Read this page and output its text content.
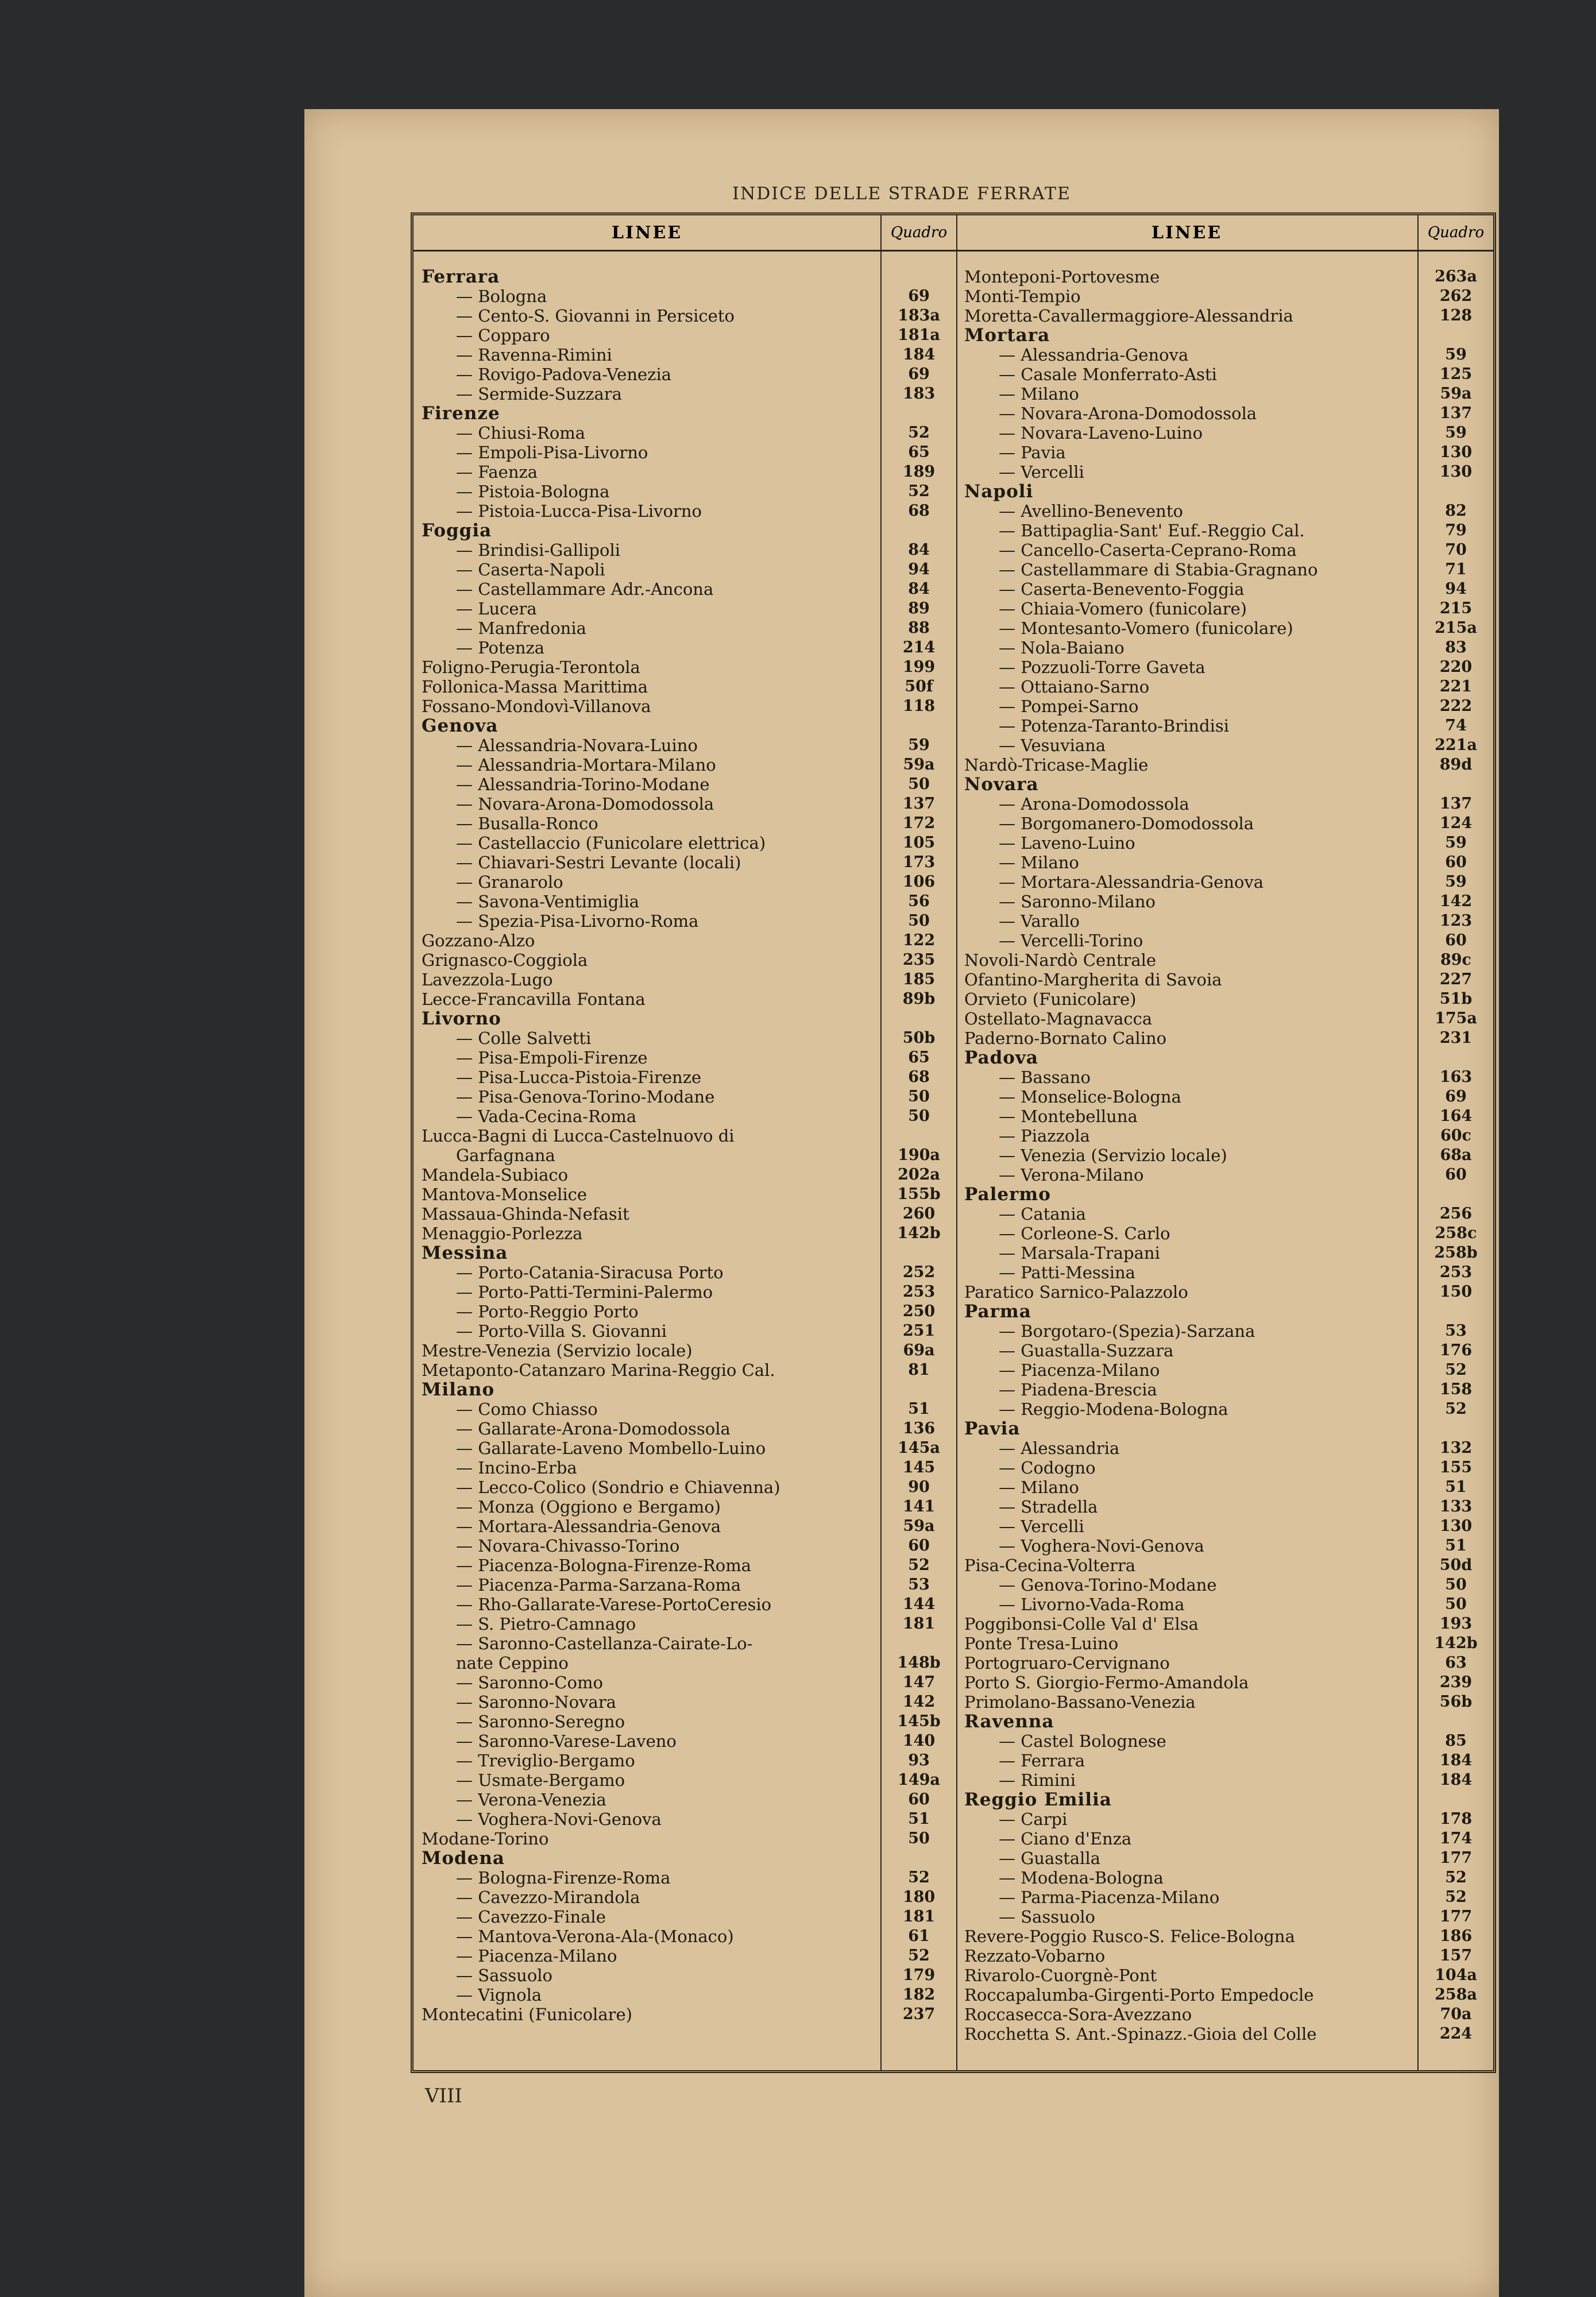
INDICE DELLE STRADE FERRATE
LINEE	Quadro
Ferrara
— Bologna	69
— Cento-S. Giovanni in Persiceto	183a
— Copparo	181a
— Ravenna-Rimini	184
— Rovigo-Padova-Venezia	69
— Sermide-Suzzara	183
Firenze
— Chiusi-Roma	52
— Empoli-Pisa-Livorno	65
— Faenza	189
— Pistoia-Bologna	52
— Pistoia-Lucca-Pisa-Livorno	68
Foggia
— Brindisi-Gallipoli	84
— Caserta-Napoli	94
— Castellammare Adr.-Ancona	84
— Lucera	89
— Manfredonia	88
— Potenza	214
Foligno-Perugia-Terontola	199
Follonica-Massa Marittima	50f
Fossano-Mondovì-Villanova	118
Genova
— Alessandria-Novara-Luino	59
— Alessandria-Mortara-Milano	59a
— Alessandria-Torino-Modane	50
— Novara-Arona-Domodossola	137
— Busalla-Ronco	172
— Castellaccio (Funicolare elettrica)	105
— Chiavari-Sestri Levante (locali)	173
— Granarolo	106
— Savona-Ventimiglia	56
— Spezia-Pisa-Livorno-Roma	50
Gozzano-Alzo	122
Grignasco-Coggiola	235
Lavezzola-Lugo	185
Lecce-Francavilla Fontana	89b
Livorno
— Colle Salvetti	50b
— Pisa-Empoli-Firenze	65
— Pisa-Lucca-Pistoia-Firenze	68
— Pisa-Genova-Torino-Modane	50
— Vada-Cecina-Roma	50
Lucca-Bagni di Lucca-Castelnuovo di
Garfagnana	190a
Mandela-Subiaco	202a
Mantova-Monselice	155b
Massaua-Ghinda-Nefasit	260
Menaggio-Porlezza	142b
Messina
— Porto-Catania-Siracusa Porto	252
— Porto-Patti-Termini-Palermo	253
— Porto-Reggio Porto	250
— Porto-Villa S. Giovanni	251
Mestre-Venezia (Servizio locale)	69a
Metaponto-Catanzaro Marina-Reggio Cal.	81
Milano
— Como Chiasso	51
— Gallarate-Arona-Domodossola	136
— Gallarate-Laveno Mombello-Luino	145a
— Incino-Erba	145
— Lecco-Colico (Sondrio e Chiavenna)	90
— Monza (Oggiono e Bergamo)	141
— Mortara-Alessandria-Genova	59a
— Novara-Chivasso-Torino	60
— Piacenza-Bologna-Firenze-Roma	52
— Piacenza-Parma-Sarzana-Roma	53
— Rho-Gallarate-Varese-PortoCeresio	144
— S. Pietro-Camnago	181
— Saronno-Castellanza-Cairate-Lo-
nate Ceppino	148b
— Saronno-Como	147
— Saronno-Novara	142
— Saronno-Seregno	145b
— Saronno-Varese-Laveno	140
— Treviglio-Bergamo	93
— Usmate-Bergamo	149a
— Verona-Venezia	60
— Voghera-Novi-Genova	51
Modane-Torino	50
Modena
— Bologna-Firenze-Roma	52
— Cavezzo-Mirandola	180
— Cavezzo-Finale	181
— Mantova-Verona-Ala-(Monaco)	61
— Piacenza-Milano	52
— Sassuolo	179
— Vignola	182
Montecatini (Funicolare)	237
LINEE	Quadro
Monteponi-Portovesme	263a
Monti-Tempio	262
Moretta-Cavallermaggiore-Alessandria	128
Mortara
— Alessandria-Genova	59
— Casale Monferrato-Asti	125
— Milano	59a
— Novara-Arona-Domodossola	137
— Novara-Laveno-Luino	59
— Pavia	130
— Vercelli	130
Napoli
— Avellino-Benevento	82
— Battipaglia-Sant' Euf.-Reggio Cal.	79
— Cancello-Caserta-Ceprano-Roma	70
— Castellammare di Stabia-Gragnano	71
— Caserta-Benevento-Foggia	94
— Chiaia-Vomero (funicolare)	215
— Montesanto-Vomero (funicolare)	215a
— Nola-Baiano	83
— Pozzuoli-Torre Gaveta	220
— Ottaiano-Sarno	221
— Pompei-Sarno	222
— Potenza-Taranto-Brindisi	74
— Vesuviana	221a
Nardò-Tricase-Maglie	89d
Novara
— Arona-Domodossola	137
— Borgomanero-Domodossola	124
— Laveno-Luino	59
— Milano	60
— Mortara-Alessandria-Genova	59
— Saronno-Milano	142
— Varallo	123
— Vercelli-Torino	60
Novoli-Nardò Centrale	89c
Ofantino-Margherita di Savoia	227
Orvieto (Funicolare)	51b
Ostellato-Magnavacca	175a
Paderno-Bornato Calino	231
Padova
— Bassano	163
— Monselice-Bologna	69
— Montebelluna	164
— Piazzola	60c
— Venezia (Servizio locale)	68a
— Verona-Milano	60
Palermo
— Catania	256
— Corleone-S. Carlo	258c
— Marsala-Trapani	258b
— Patti-Messina	253
Paratico Sarnico-Palazzolo	150
Parma
— Borgotaro-(Spezia)-Sarzana	53
— Guastalla-Suzzara	176
— Piacenza-Milano	52
— Piadena-Brescia	158
— Reggio-Modena-Bologna	52
Pavia
— Alessandria	132
— Codogno	155
— Milano	51
— Stradella	133
— Vercelli	130
— Voghera-Novi-Genova	51
Pisa-Cecina-Volterra	50d
— Genova-Torino-Modane	50
— Livorno-Vada-Roma	50
Poggibonsi-Colle Val d' Elsa	193
Ponte Tresa-Luino	142b
Portogruaro-Cervignano	63
Porto S. Giorgio-Fermo-Amandola	239
Primolano-Bassano-Venezia	56b
Ravenna
— Castel Bolognese	85
— Ferrara	184
— Rimini	184
Reggio Emilia
— Carpi	178
— Ciano d'Enza	174
— Guastalla	177
— Modena-Bologna	52
— Parma-Piacenza-Milano	52
— Sassuolo	177
Revere-Poggio Rusco-S. Felice-Bologna	186
Rezzato-Vobarno	157
Rivarolo-Cuorgnè-Pont	104a
Roccapalumba-Girgenti-Porto Empedocle	258a
Roccasecca-Sora-Avezzano	70a
Rocchetta S. Ant.-Spinazz.-Gioia del Colle	224
VIII
